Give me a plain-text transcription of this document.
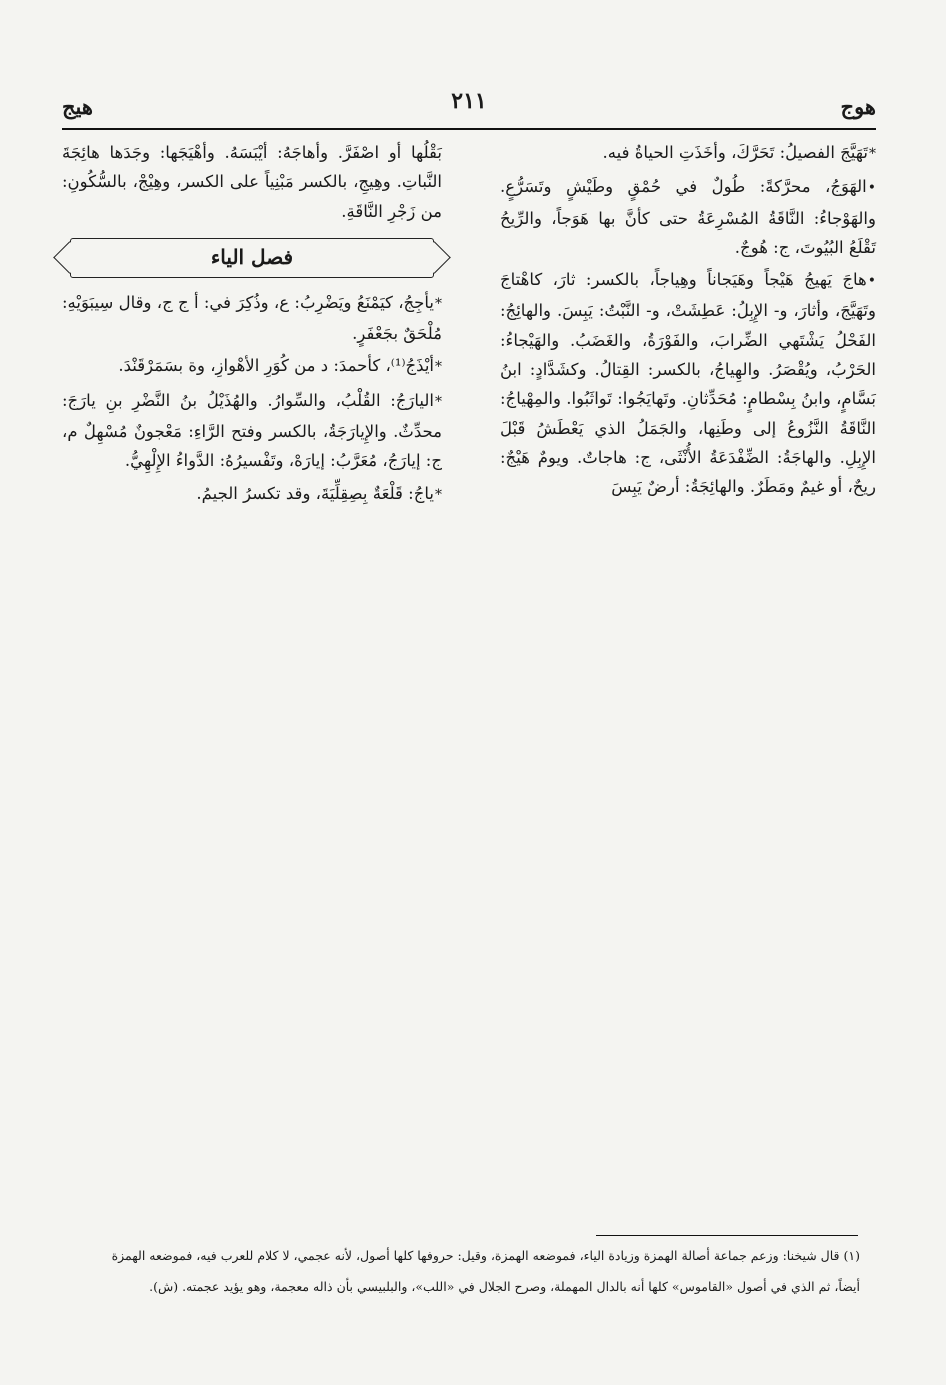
هوج
٢١١
هيج

* تَهَيَّجَ الفصيلُ: تَحَرَّكَ، وأخَذَتِ الحياةُ فيه.

• الهَوَجُ، محرَّكةً: طُولٌ في حُمْقٍ وطَيْشٍ وتَسَرُّعٍ. والهَوْجاءُ: النَّاقَةُ المُسْرِعَةُ حتى كأنَّ بها هَوَجاً، والرِّيحُ تَقْلَعُ البُيُوتَ، ج: هُوجٌ.

• هاجَ يَهيجُ هَيْجاً وهَيَجاناً وهِياجاً، بالكسر: ثارَ، كاهْتاجَ وتَهَيَّجَ، وأثارَ، و- الإِبِلُ: عَطِشَتْ، و- النَّبْتُ: يَبِسَ. والهائِجُ: الفَحْلُ يَشْتَهي الضِّرابَ، والفَوْرَةُ، والغَضَبُ. والهَيْجاءُ: الحَرْبُ، ويُقْصَرُ. والهِياجُ، بالكسر: القِتالُ. وكشَدَّادٍ: ابنُ بَسَّامٍ، وابنُ بِسْطامٍ: مُحَدِّثانِ. وتَهايَجُوا: تَواثَبُوا. والمِهْياجُ: النَّاقَةُ النَّزُوعُ إلى وطَنِها، والجَمَلُ الذي يَعْطَشُ قَبْلَ الإِبِلِ. والهاجَةُ: الضِّفْدَعَةُ الأُنْثَى، ج: هاجاتٌ. ويومٌ هَيْجٌ: ريحٌ، أو غيمٌ ومَطَرٌ. والهائِجَةُ: أرضٌ يَبِسَ

بَقْلُها أو اصْفَرَّ. وأهاجَهُ: أيْبَسَهُ. وأهْيَجَها: وجَدَها هائِجَةَ النَّباتِ. وهِيجِ، بالكسر مَبْنِياً على الكسر، وهِيْجْ، بالسُّكُونِ: من زَجْرِ النَّاقَةِ.

فصل الياء

* يأجِجُ، كيَمْنَعُ ويَضْرِبُ: ع، وذُكِرَ في: أ ج ج، وقال سِيبَوَيْهِ: مُلْحَقٌ بجَعْفَرٍ.

* أيْذَجُ⁽¹⁾، كأحمدَ: د من كُوَرِ الأهْوازِ، وة بسَمَرْقَنْدَ.

* اليارَجُ: القُلْبُ، والسِّوارُ. والهُذَيْلُ بنُ النَّضْرِ بنِ يارَجَ: محدِّثٌ. والإِيارَجَةُ، بالكسر وفتح الرَّاءِ: مَعْجونٌ مُسْهِلٌ م، ج: إيارَجُ، مُعَرَّبُ: إيارَهْ، وتَفْسيرُهُ: الدَّواءُ الإِلْهِيُّ.

* ياجُ: قَلْعَةٌ بِصِقِلِّيَةَ، وقد تكسرُ الجيمُ.

(١) قال شيخنا: وزعم جماعة أصالة الهمزة وزيادة الياء، فموضعه الهمزة، وقيل: حروفها كلها أصول، لأنه عجمي، لا كلام للعرب فيه، فموضعه الهمزة

أيضاً، ثم الذي في أصول «القاموس» كلها أنه بالدال المهملة، وصرح الجلال في «اللب»، والبلبيسي بأن ذاله معجمة، وهو يؤيد عجمته. (ش).
